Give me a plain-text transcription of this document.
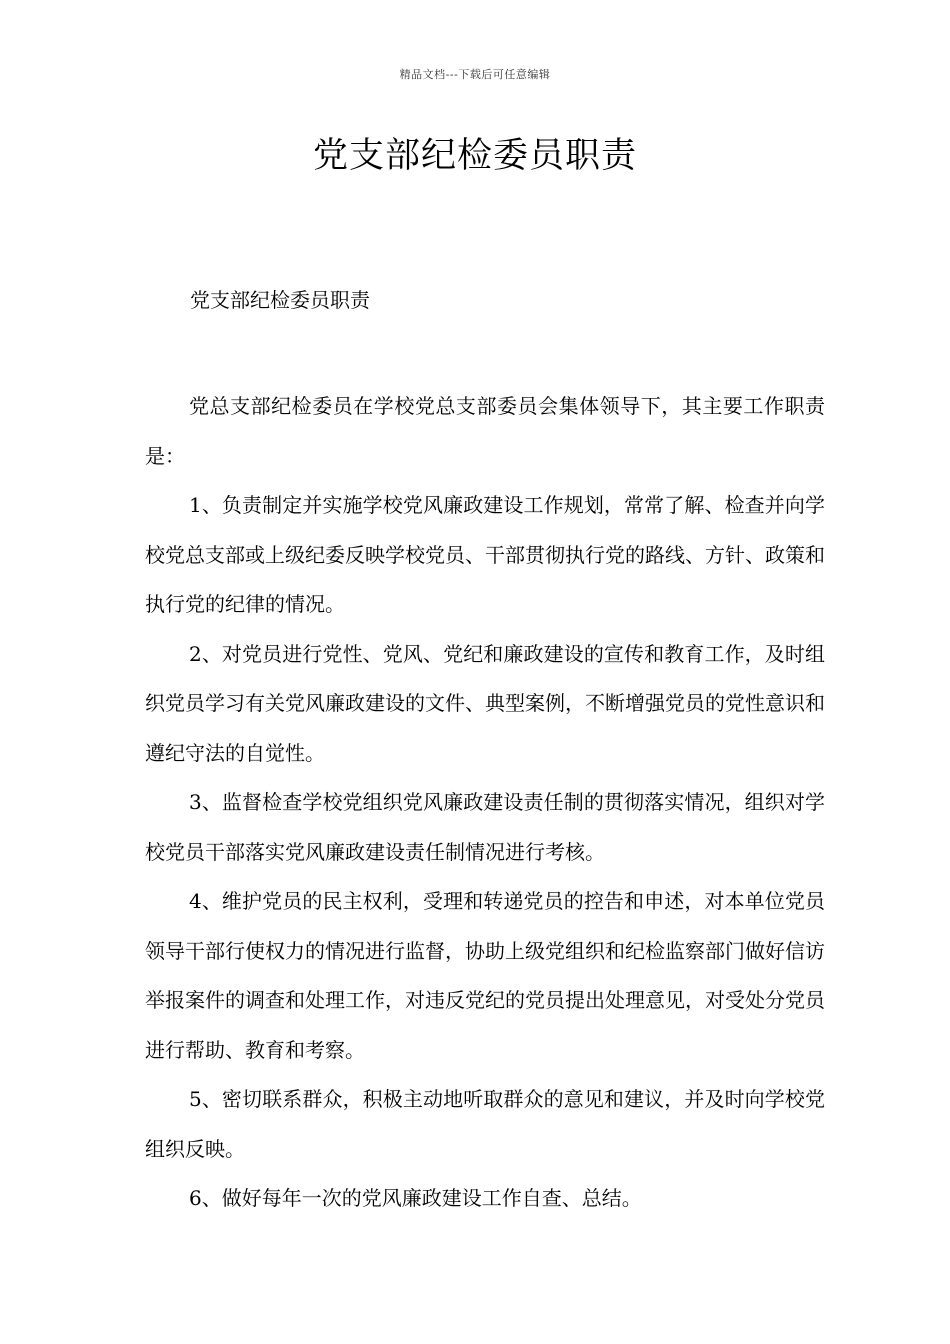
精品文档---下载后可任意编辑
党支部纪检委员职责

党支部纪检委员职责

党总支部纪检委员在学校党总支部委员会集体领导下，其主要工作职责是：

1、负责制定并实施学校党风廉政建设工作规划，常常了解、检查并向学校党总支部或上级纪委反映学校党员、干部贯彻执行党的路线、方针、政策和执行党的纪律的情况。

2、对党员进行党性、党风、党纪和廉政建设的宣传和教育工作，及时组织党员学习有关党风廉政建设的文件、典型案例，不断增强党员的党性意识和遵纪守法的自觉性。

3、监督检查学校党组织党风廉政建设责任制的贯彻落实情况，组织对学校党员干部落实党风廉政建设责任制情况进行考核。

4、维护党员的民主权利，受理和转递党员的控告和申述，对本单位党员领导干部行使权力的情况进行监督，协助上级党组织和纪检监察部门做好信访举报案件的调查和处理工作，对违反党纪的党员提出处理意见，对受处分党员进行帮助、教育和考察。

5、密切联系群众，积极主动地听取群众的意见和建议，并及时向学校党组织反映。

6、做好每年一次的党风廉政建设工作自查、总结。
